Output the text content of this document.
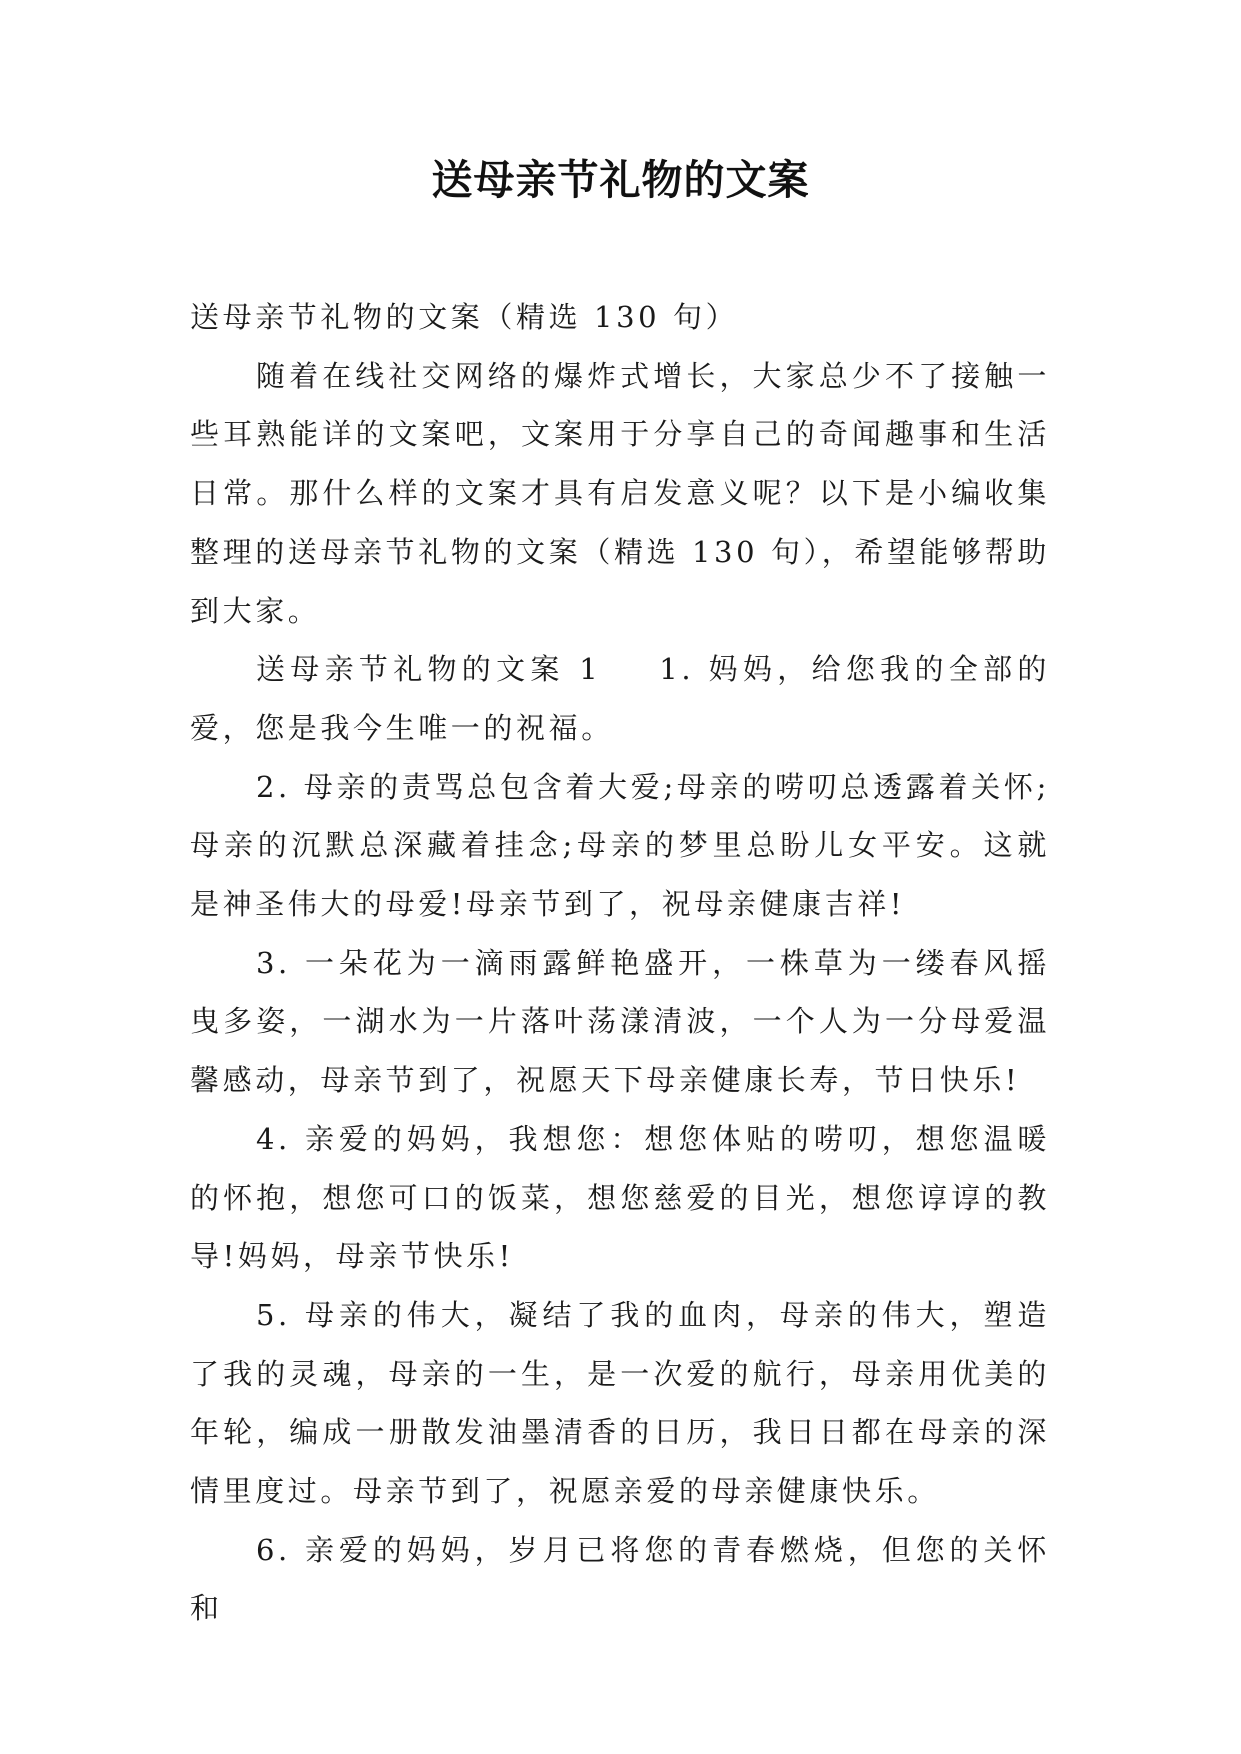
送母亲节礼物的文案

送母亲节礼物的文案（精选 130 句）

随着在线社交网络的爆炸式增长，大家总少不了接触一些耳熟能详的文案吧，文案用于分享自己的奇闻趣事和生活日常。那什么样的文案才具有启发意义呢？以下是小编收集整理的送母亲节礼物的文案（精选 130 句），希望能够帮助到大家。

送母亲节礼物的文案 1 1. 妈妈，给您我的全部的爱，您是我今生唯一的祝福。

2. 母亲的责骂总包含着大爱;母亲的唠叨总透露着关怀;母亲的沉默总深藏着挂念;母亲的梦里总盼儿女平安。这就是神圣伟大的母爱!母亲节到了，祝母亲健康吉祥!

3. 一朵花为一滴雨露鲜艳盛开，一株草为一缕春风摇曳多姿，一湖水为一片落叶荡漾清波，一个人为一分母爱温馨感动，母亲节到了，祝愿天下母亲健康长寿，节日快乐!

4. 亲爱的妈妈，我想您：想您体贴的唠叨，想您温暖的怀抱，想您可口的饭菜，想您慈爱的目光，想您谆谆的教导!妈妈，母亲节快乐!

5. 母亲的伟大，凝结了我的血肉，母亲的伟大，塑造了我的灵魂，母亲的一生，是一次爱的航行，母亲用优美的年轮，编成一册散发油墨清香的日历，我日日都在母亲的深情里度过。母亲节到了，祝愿亲爱的母亲健康快乐。

6. 亲爱的妈妈，岁月已将您的青春燃烧，但您的关怀和
